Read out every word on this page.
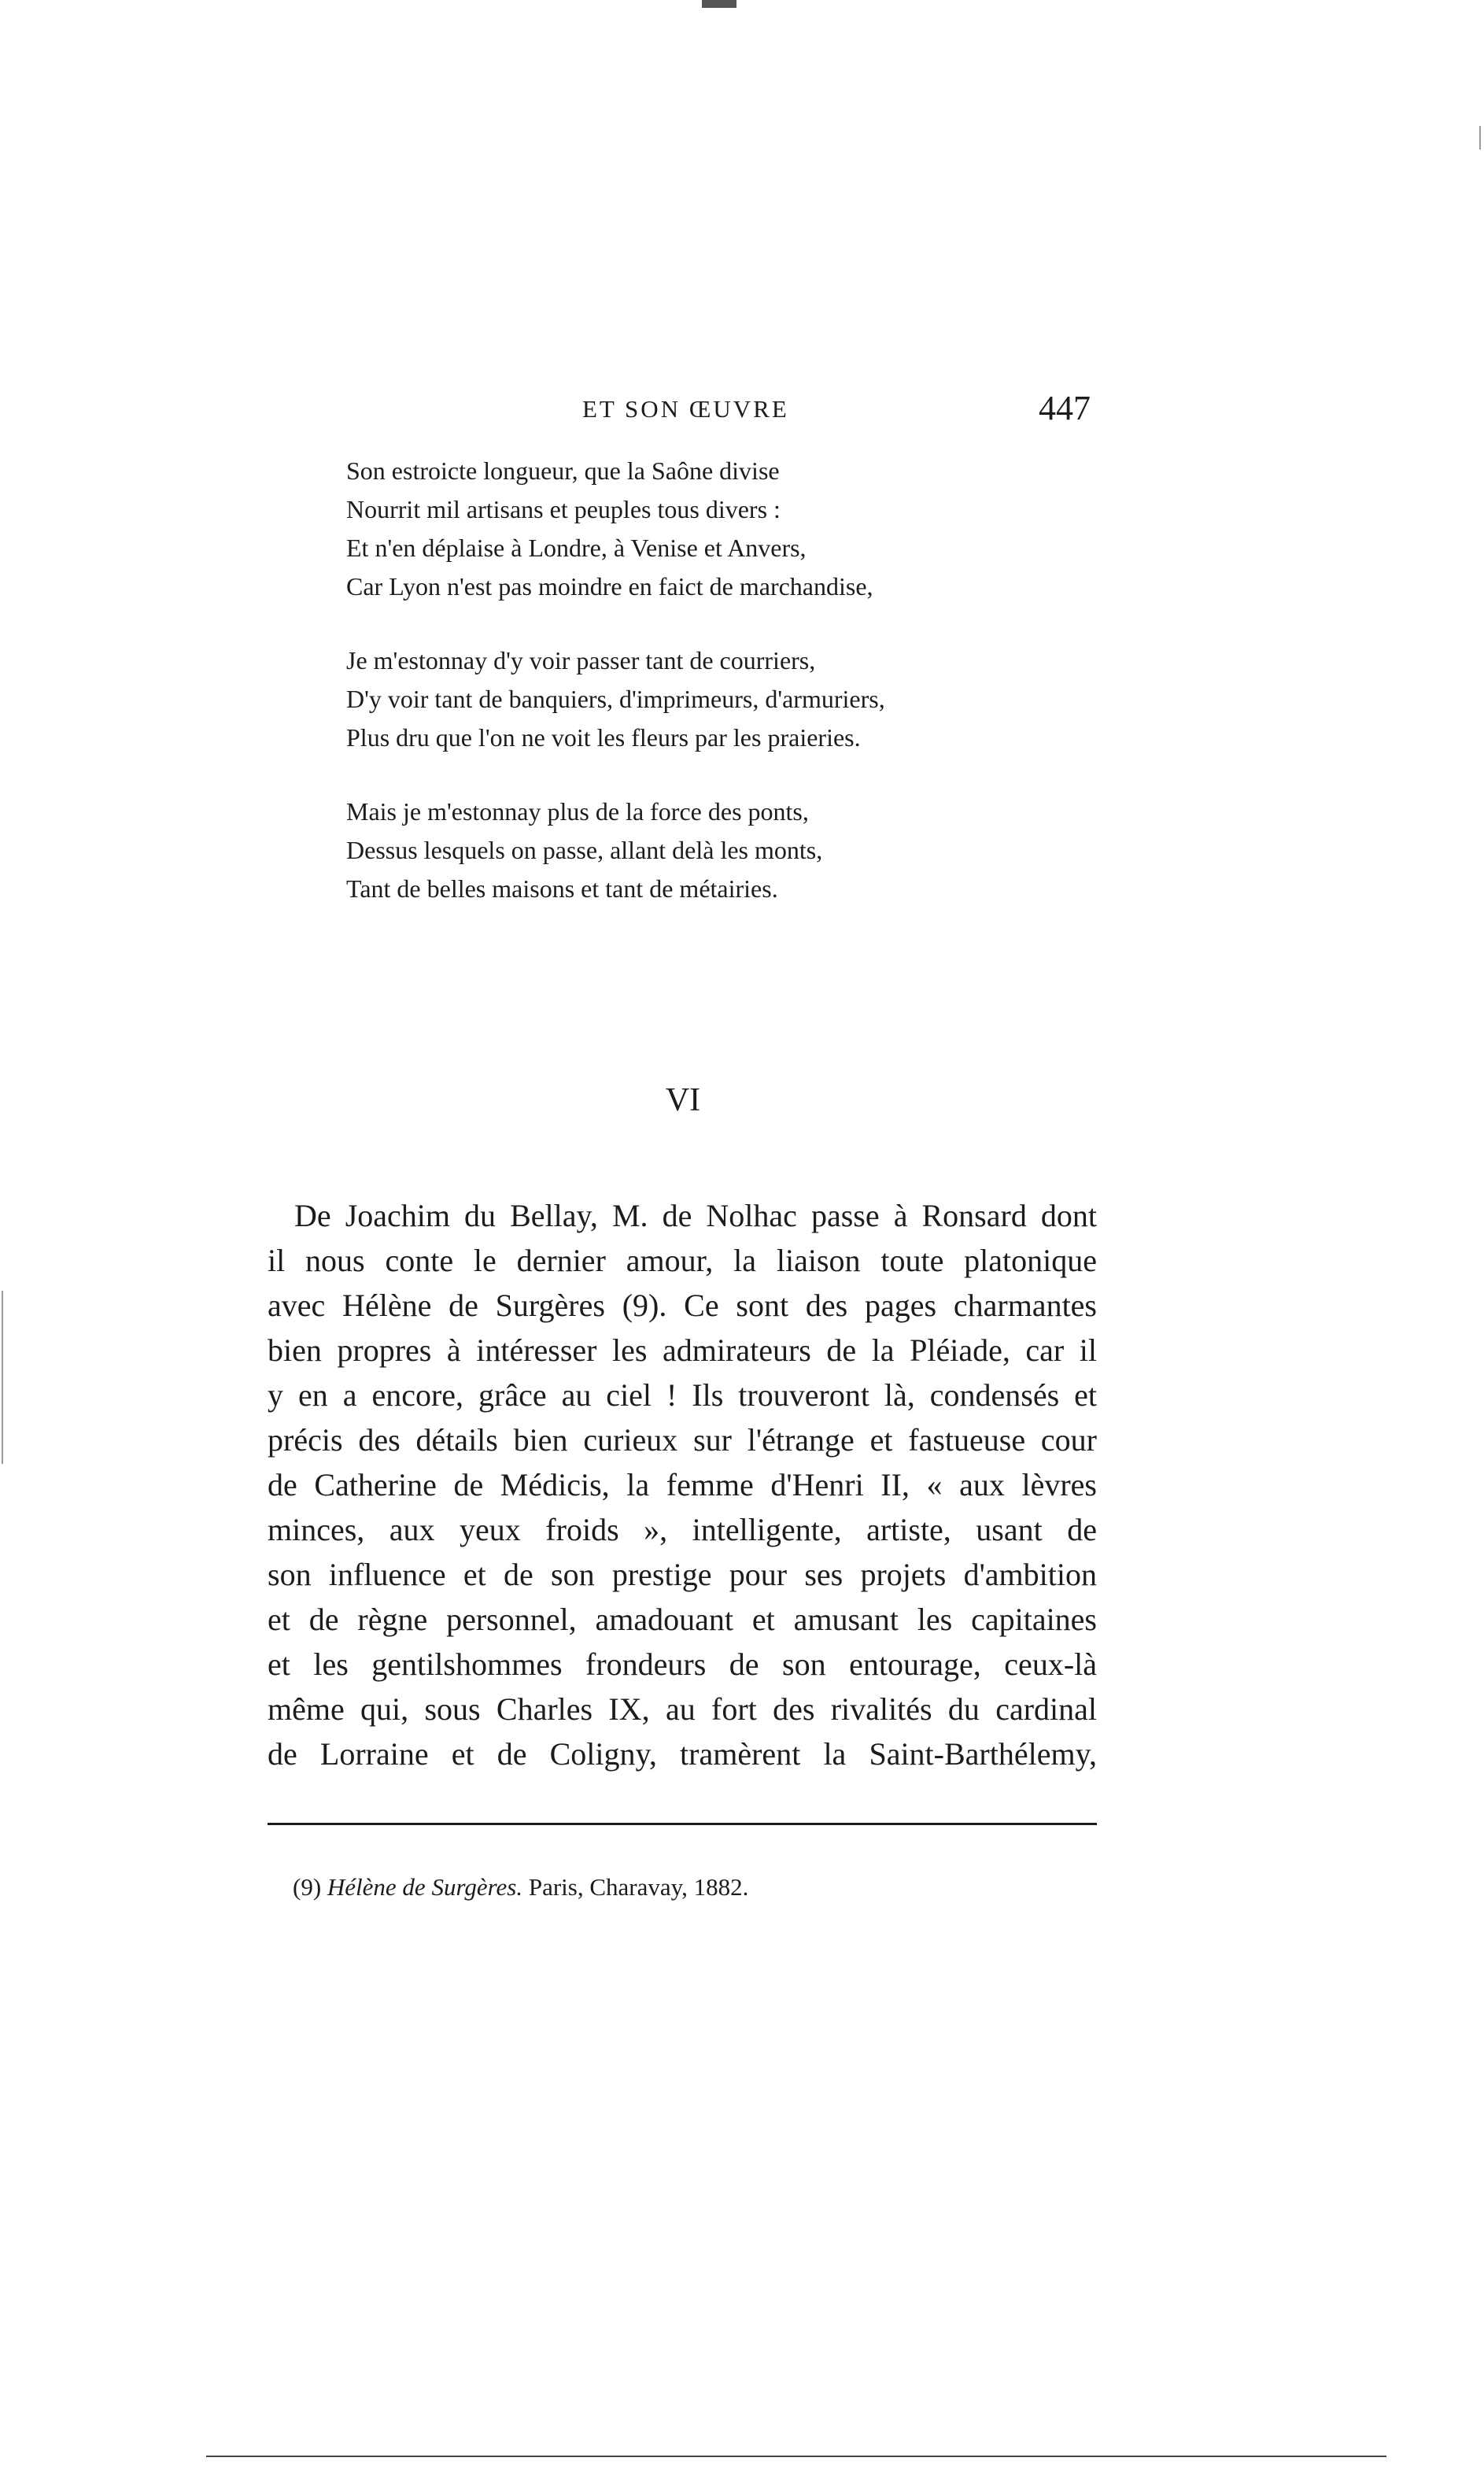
ET SON ŒUVRE	447
Son estroicte longueur, que la Saône divise
Nourrit mil artisans et peuples tous divers :
Et n'en déplaise à Londre, à Venise et Anvers,
Car Lyon n'est pas moindre en faict de marchandise,
Je m'estonnay d'y voir passer tant de courriers,
D'y voir tant de banquiers, d'imprimeurs, d'armuriers,
Plus dru que l'on ne voit les fleurs par les praieries.
Mais je m'estonnay plus de la force des ponts,
Dessus lesquels on passe, allant delà les monts,
Tant de belles maisons et tant de métairies.
VI
De Joachim du Bellay, M. de Nolhac passe à Ronsard dont
il nous conte le dernier amour, la liaison toute platonique
avec Hélène de Surgères (9). Ce sont des pages charmantes
bien propres à intéresser les admirateurs de la Pléiade, car il
y en a encore, grâce au ciel ! Ils trouveront là, condensés et
précis des détails bien curieux sur l'étrange et fastueuse cour
de Catherine de Médicis, la femme d'Henri II, « aux lèvres
minces, aux yeux froids », intelligente, artiste, usant de
son influence et de son prestige pour ses projets d'ambition
et de règne personnel, amadouant et amusant les capitaines
et les gentilshommes frondeurs de son entourage, ceux-là
même qui, sous Charles IX, au fort des rivalités du cardinal
de Lorraine et de Coligny, tramèrent la Saint-Barthélemy,
(9) Hélène de Surgères. Paris, Charavay, 1882.
